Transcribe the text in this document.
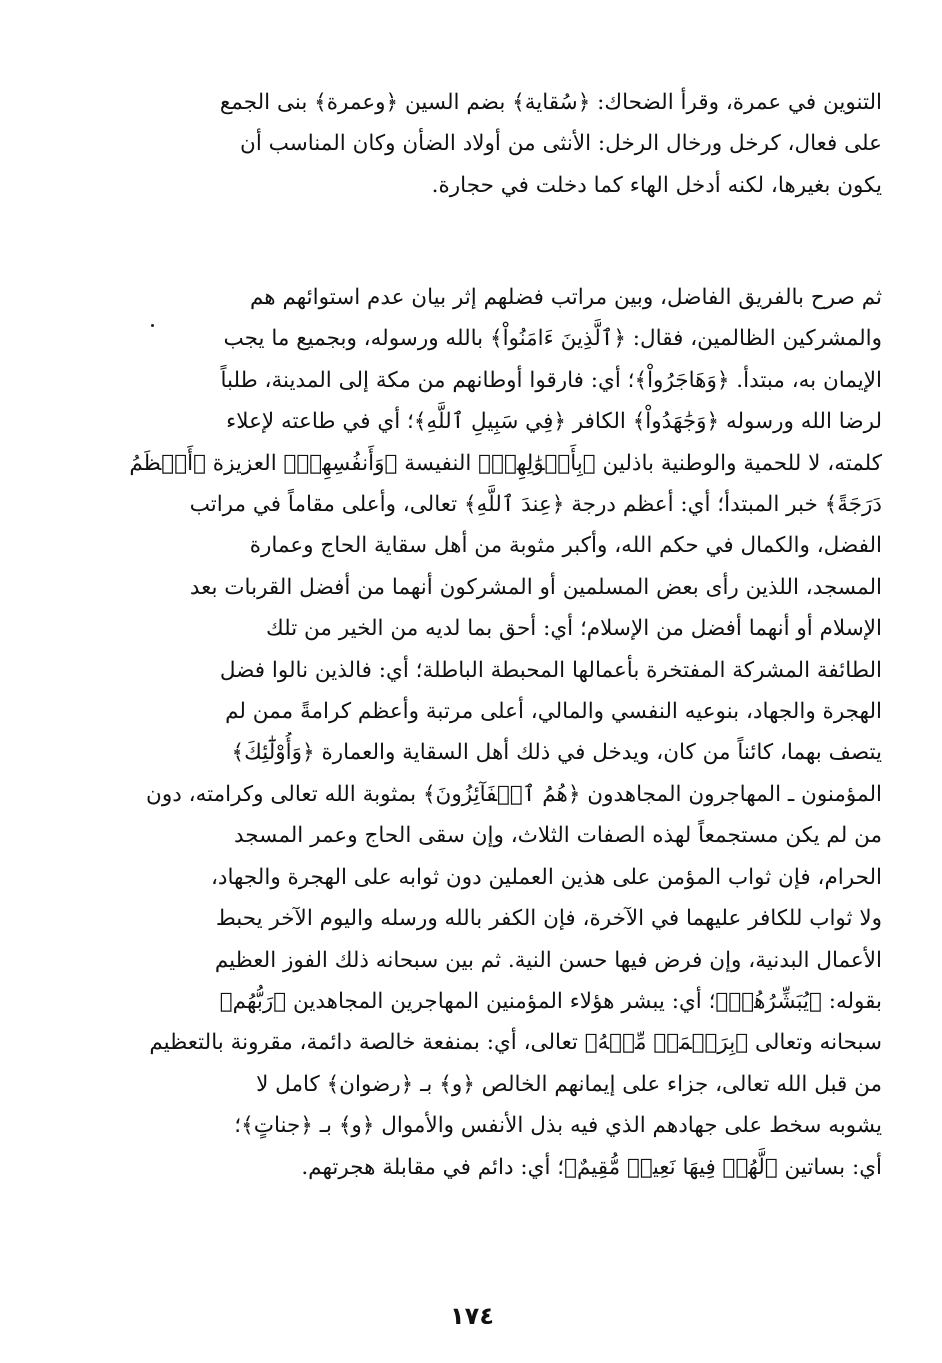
التنوين في عمرة، وقرأ الضحاك: ﴿سُقاية﴾ بضم السين ﴿وعمرة﴾ بنى الجمع
على فعال، كرخل ورخال الرخل: الأنثى من أولاد الضأن وكان المناسب أن
يكون بغيرها، لكنه أدخل الهاء كما دخلت في حجارة.
ثم صرح بالفريق الفاضل، وبين مراتب فضلهم إثر بيان عدم استوائهم هم
والمشركين الظالمين، فقال: ﴿ٱلَّذِينَ ءَامَنُواْ﴾ بالله ورسوله، وبجميع ما يجب
الإيمان به، مبتدأ. ﴿وَهَاجَرُواْ﴾؛ أي: فارقوا أوطانهم من مكة إلى المدينة، طلباً
لرضا الله ورسوله ﴿وَجَٰهَدُواْ﴾ الكافر ﴿فِي سَبِيلِ ٱللَّهِ﴾؛ أي في طاعته لإعلاء
كلمته، لا للحمية والوطنية باذلين ﴿بِأَمۡوَٰلِهِمۡ﴾ النفيسة ﴿وَأَنفُسِهِمۡ﴾ العزيزة ﴿أَعۡظَمُ
دَرَجَةً﴾ خبر المبتدأ؛ أي: أعظم درجة ﴿عِندَ ٱللَّهِ﴾ تعالى، وأعلى مقاماً في مراتب
الفضل، والكمال في حكم الله، وأكبر مثوبة من أهل سقاية الحاج وعمارة
المسجد، اللذين رأى بعض المسلمين أو المشركون أنهما من أفضل القربات بعد
الإسلام أو أنهما أفضل من الإسلام؛ أي: أحق بما لديه من الخير من تلك
الطائفة المشركة المفتخرة بأعمالها المحبطة الباطلة؛ أي: فالذين نالوا فضل
الهجرة والجهاد، بنوعيه النفسي والمالي، أعلى مرتبة وأعظم كرامةً ممن لم
يتصف بهما، كائناً من كان، ويدخل في ذلك أهل السقاية والعمارة ﴿وَأُوْلَٰٓئِكَ﴾
المؤمنون ـ المهاجرون المجاهدون ﴿هُمُ ٱلۡفَآئِزُونَ﴾ بمثوبة الله تعالى وكرامته، دون
من لم يكن مستجمعاً لهذه الصفات الثلاث، وإن سقى الحاج وعمر المسجد
الحرام، فإن ثواب المؤمن على هذين العملين دون ثوابه على الهجرة والجهاد،
ولا ثواب للكافر عليهما في الآخرة، فإن الكفر بالله ورسله واليوم الآخر يحبط
الأعمال البدنية، وإن فرض فيها حسن النية. ثم بين سبحانه ذلك الفوز العظيم
بقوله: ﴿يُبَشِّرُهُمۡ﴾؛ أي: يبشر هؤلاء المؤمنين المهاجرين المجاهدين ﴿رَبُّهُم﴾
سبحانه وتعالى ﴿بِرَحۡمَةٖ مِّنۡهُ﴾ تعالى، أي: بمنفعة خالصة دائمة، مقرونة بالتعظيم
من قبل الله تعالى، جزاء على إيمانهم الخالص ﴿و﴾ بـ ﴿رضوان﴾ كامل لا
يشوبه سخط على جهادهم الذي فيه بذل الأنفس والأموال ﴿و﴾ بـ ﴿جناتٍ﴾؛
أي: بساتين ﴿لَّهُمۡ فِيهَا نَعِيمٞ مُّقِيمٌ﴾؛ أي: دائم في مقابلة هجرتهم.
١٧٤
